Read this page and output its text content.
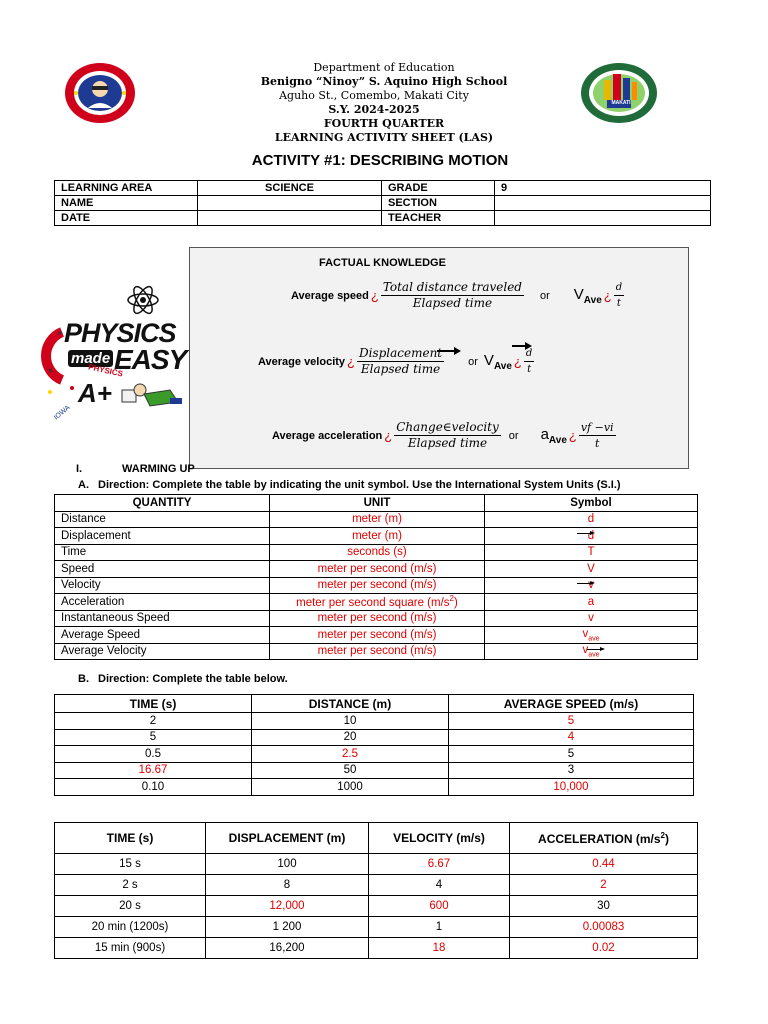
Department of Education
Benigno “Ninoy” S. Aquino High School
Aguho St., Comembo, Makati City
S.Y. 2024-2025
FOURTH QUARTER
LEARNING ACTIVITY SHEET (LAS)
ACTIVITY #1: DESCRIBING MOTION
MAKATI
LEARNING AREA	SCIENCE	GRADE	9
NAME		SECTION	
DATE		TEACHER	
FACTUAL KNOWLEDGE
Average speed ¿ $\frac{\text{Total distance traveled}}{\text{Elapsed time}}$ or $V_{Ave}$ ¿ $\frac{d}{t}$
Average velocity ¿ $\frac{\text{Displacement}}{\text{Elapsed time}}$ or $V_{Ave}$ ¿ $\frac{d}{t}$
Average acceleration ¿ $\frac{\text{Change∈velocity}}{\text{Elapsed time}}$ or $a_{Ave}$ ¿ $\frac{vf -vi}{t}$
PHYSICS
made EASY
PHYSICS
A+
IOWA
I.	WARMING UP
A. Direction: Complete the table by indicating the unit symbol. Use the International System Units (S.I.)
QUANTITY	UNIT	Symbol
Distance	meter (m)	d
Displacement	meter (m)	d

Time	seconds (s)	T
Speed	meter per second (m/s)	V
Velocity	meter per second (m/s)	v

Acceleration	meter per second square $(m/s^2)$	a
Instantaneous Speed	meter per second (m/s)	v
Average Speed	meter per second (m/s)	$v_{ave}$
Average Velocity	meter per second (m/s)	$v_{ave}$
B. Direction: Complete the table below.
TIME (s)	DISTANCE (m)	AVERAGE SPEED (m/s)
2	10	5
5	20	4
0.5	2.5	5
16.67	50	3
0.10	1000	10,000
TIME (s)	DISPLACEMENT (m)	VELOCITY (m/s)	ACCELERATION $(m/s^2)$
15 s	100	6.67	0.44
2 s	8	4	2
20 s	12,000	600	30
20 min (1200s)	1 200	1	0.00083
15 min (900s)	16,200	18	0.02
